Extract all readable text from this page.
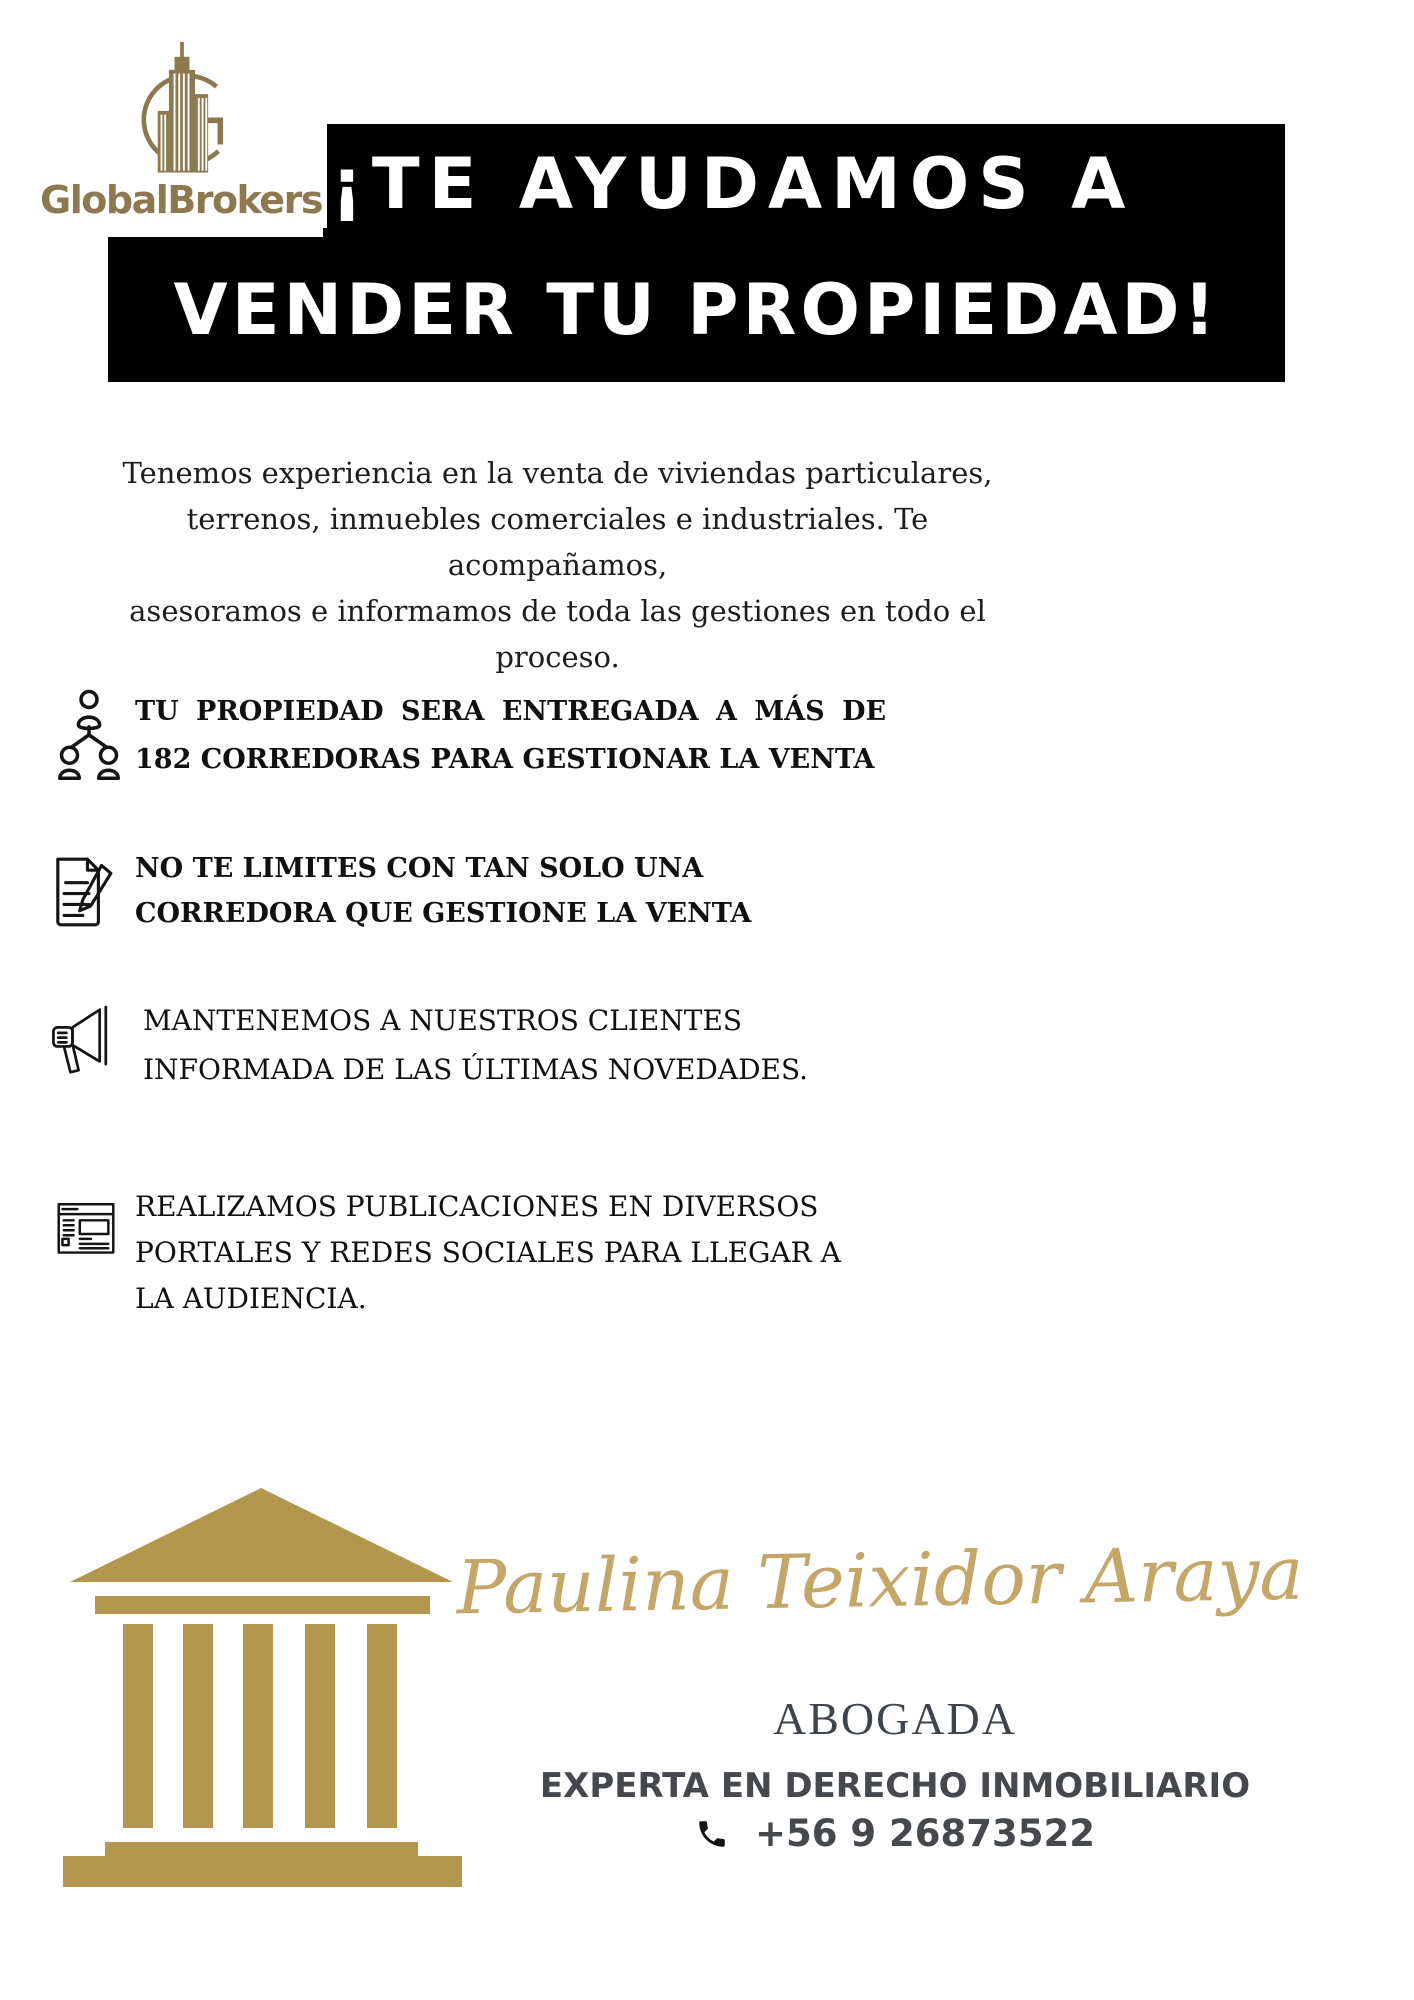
¡TE AYUDAMOS A
VENDER TU PROPIEDAD!
GlobalBrokers
Tenemos experiencia en la venta de viviendas particulares,
terrenos, inmuebles comerciales e industriales. Te acompañamos,
asesoramos e informamos de toda las gestiones en todo el proceso.
TU PROPIEDAD SERA ENTREGADA A MÁS DE
182 CORREDORAS PARA GESTIONAR LA VENTA
NO TE LIMITES CON TAN SOLO UNA
CORREDORA QUE GESTIONE LA VENTA
MANTENEMOS A NUESTROS CLIENTES
INFORMADA DE LAS ÚLTIMAS NOVEDADES.
REALIZAMOS PUBLICACIONES EN DIVERSOS
PORTALES Y REDES SOCIALES PARA LLEGAR A
LA AUDIENCIA.
Paulina Teixidor Araya
ABOGADA
EXPERTA EN DERECHO INMOBILIARIO
+56 9 26873522
